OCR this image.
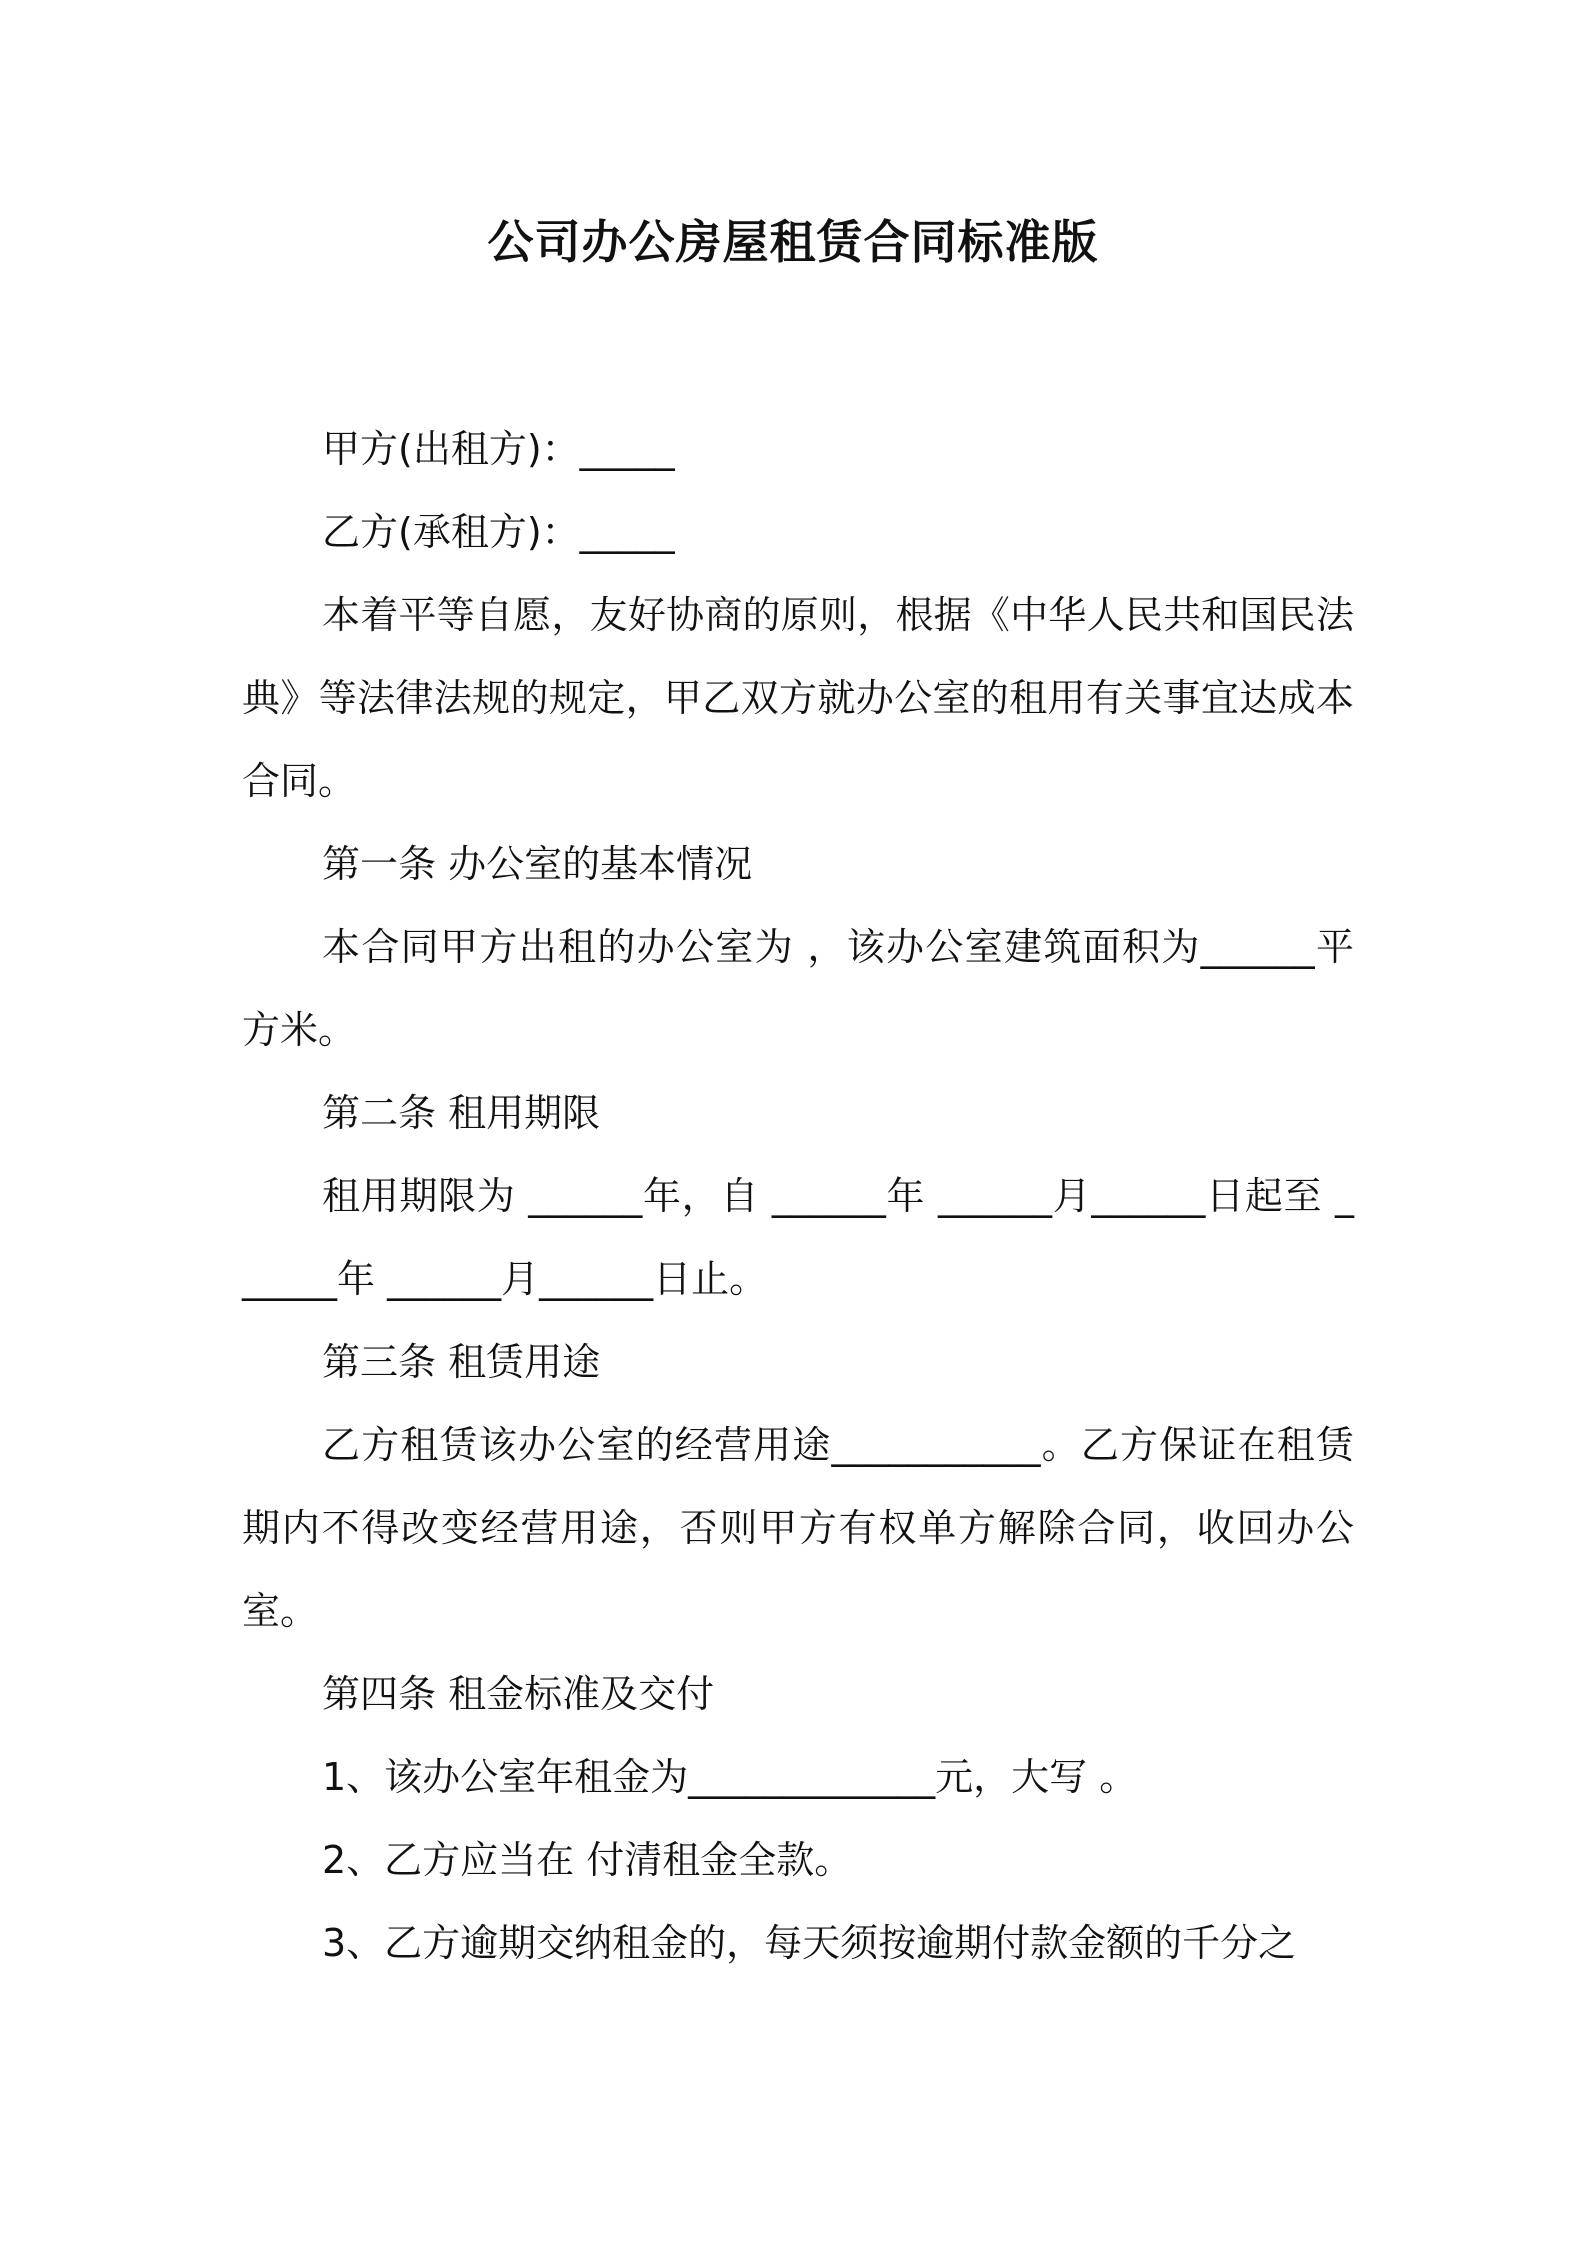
公司办公房屋租赁合同标准版

甲方(出租方)：_____

乙方(承租方)：_____

本着平等自愿，友好协商的原则，根据《中华人民共和国民法典》等法律法规的规定，甲乙双方就办公室的租用有关事宜达成本合同。

第一条 办公室的基本情况

本合同甲方出租的办公室为 ，该办公室建筑面积为______平方米。

第二条 租用期限

租用期限为 ______年，自 ______年 ______月______日起至 ______年 ______月______日止。

第三条 租赁用途

乙方租赁该办公室的经营用途___________。乙方保证在租赁期内不得改变经营用途，否则甲方有权单方解除合同，收回办公室。

第四条 租金标准及交付

1、该办公室年租金为_____________元，大写 。

2、乙方应当在 付清租金全款。

3、乙方逾期交纳租金的，每天须按逾期付款金额的千分之
